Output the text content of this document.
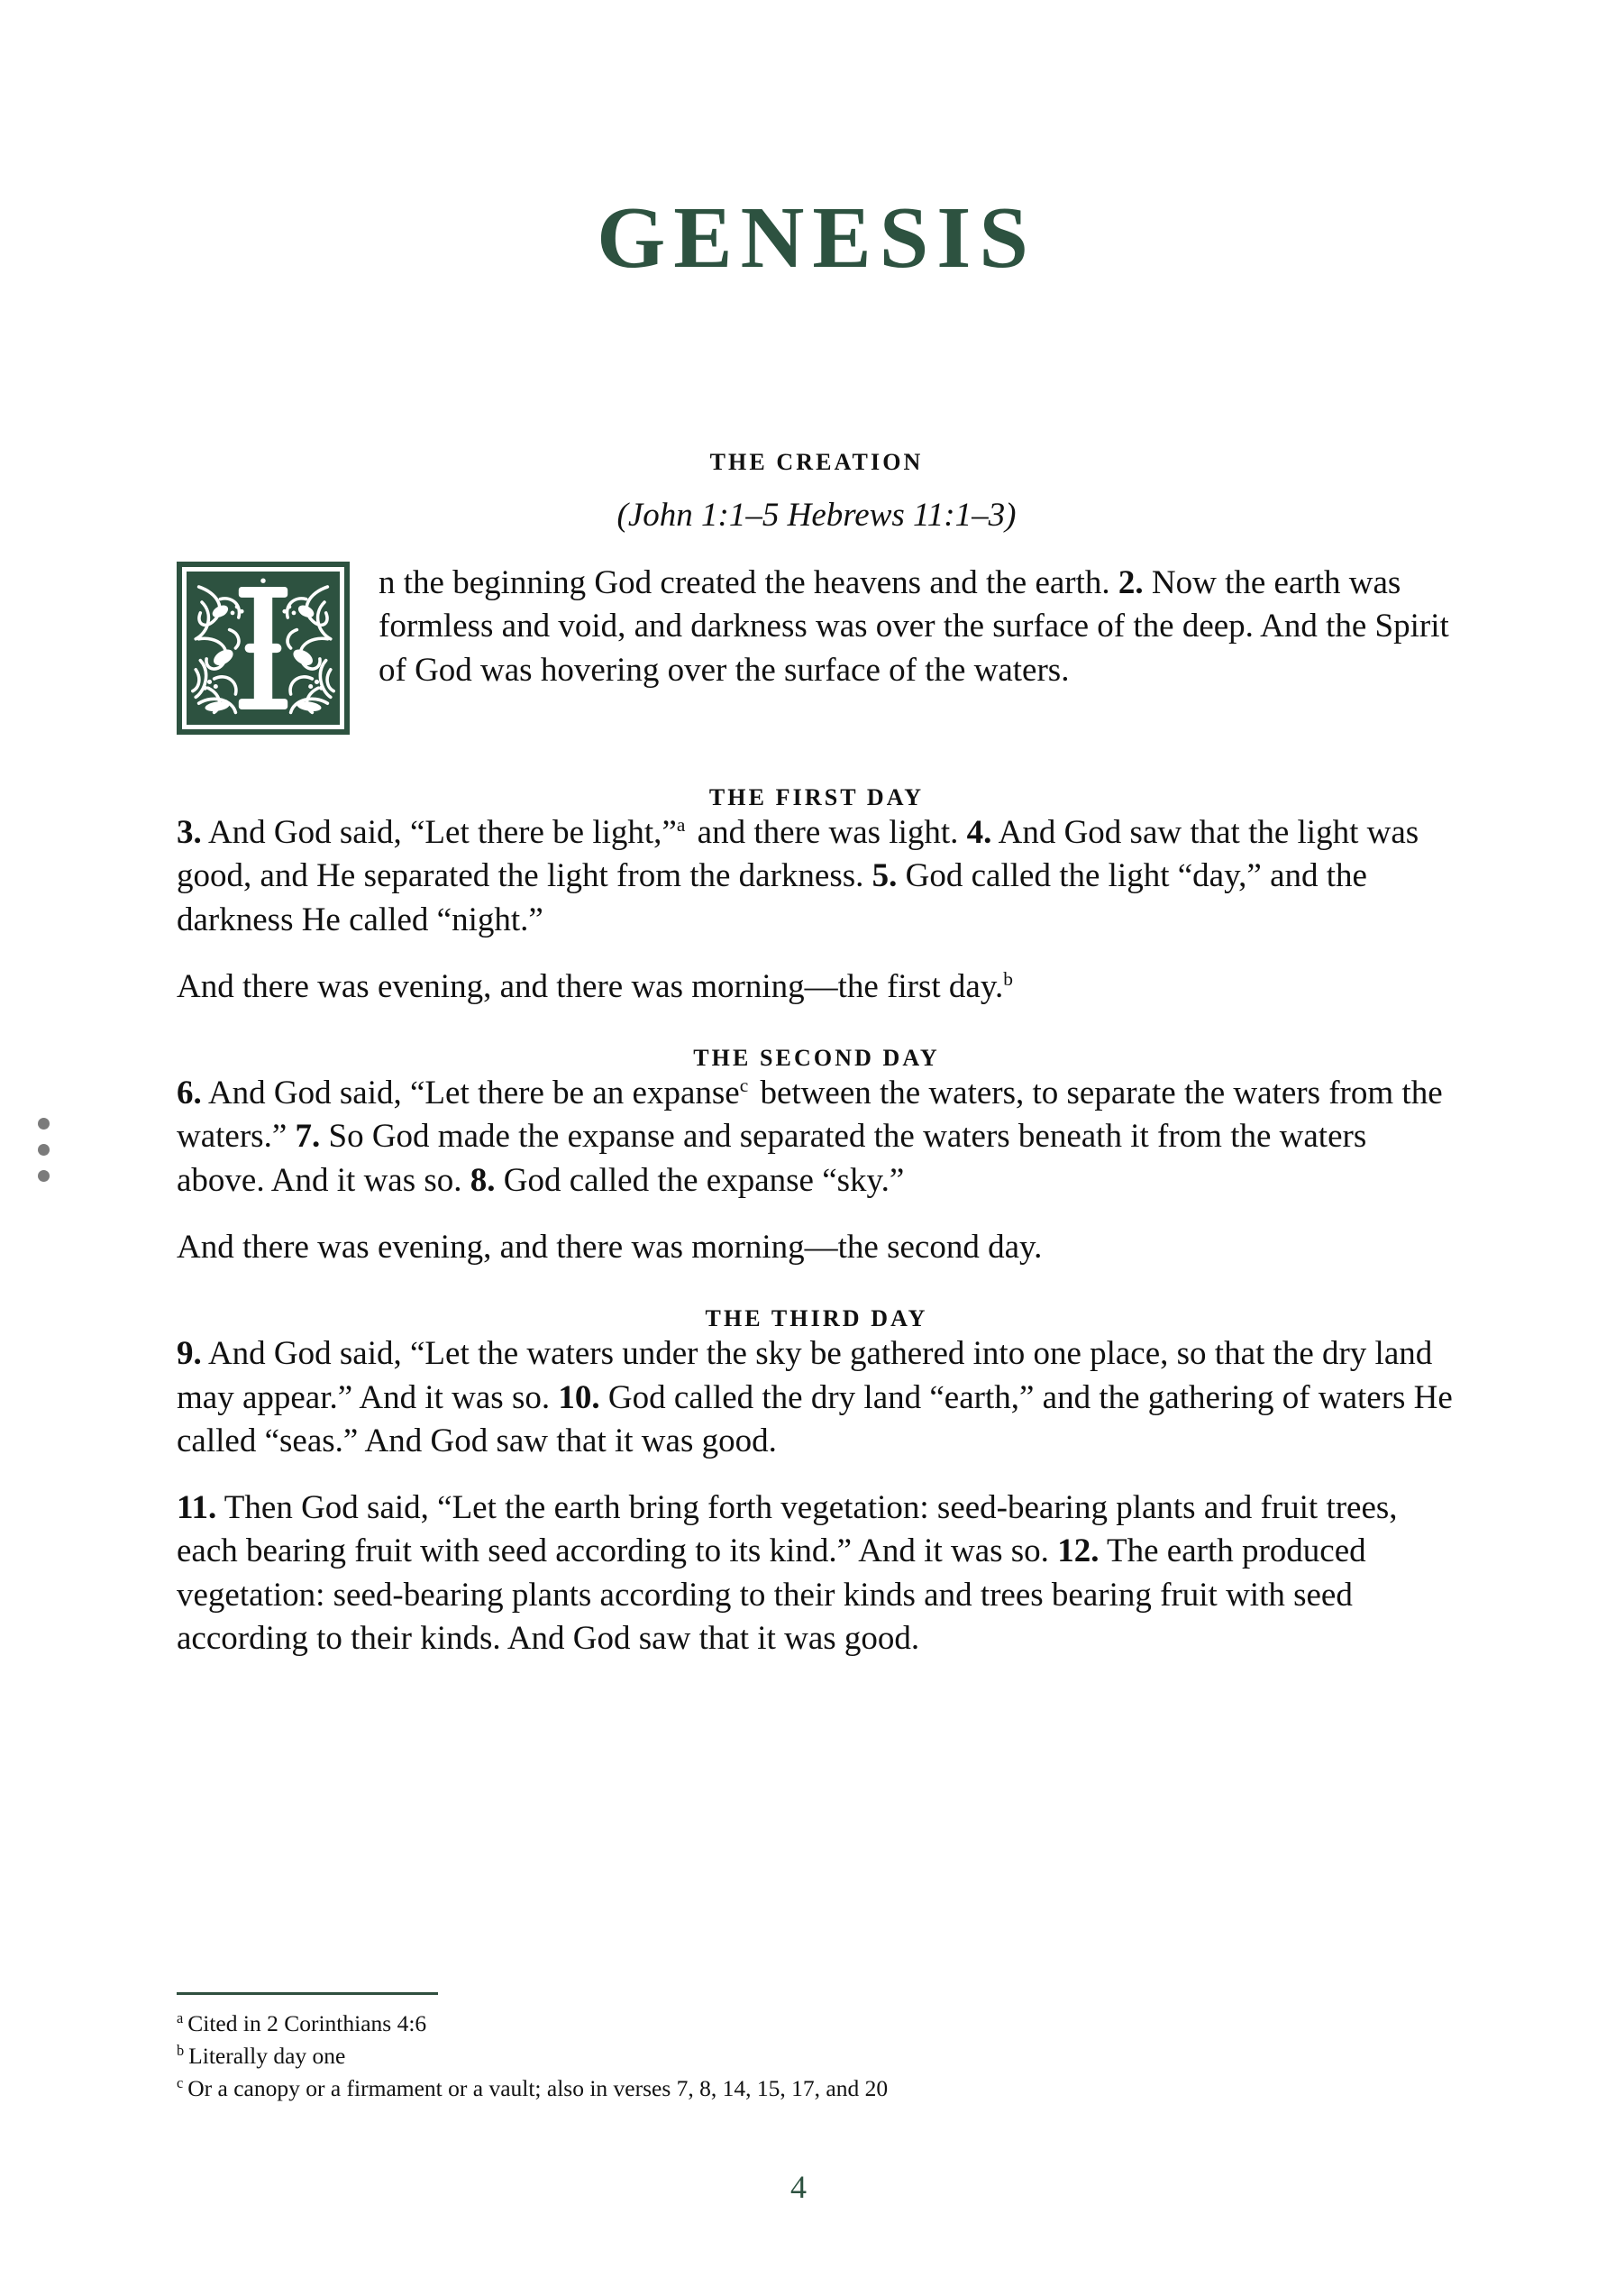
GENESIS
THE CREATION

(John 1:1–5 Hebrews 11:1–3)

n the beginning God created the heavens and the earth. 2. Now the earth was formless and void, and darkness was over the surface of the deep. And the Spirit of God was hovering over the surface of the waters.
THE FIRST DAY

3. And God said, “Let there be light,”$^a$ and there was light. 4. And God saw that the light was good, and He separated the light from the darkness. 5. God called the light “day,” and the darkness He called “night.”

And there was evening, and there was morning—the first day.$^b$

THE SECOND DAY

6. And God said, “Let there be an expanse$^c$ between the waters, to separate the waters from the waters.” 7. So God made the expanse and separated the waters beneath it from the waters above. And it was so. 8. God called the expanse “sky.”

And there was evening, and there was morning—the second day.

THE THIRD DAY

9. And God said, “Let the waters under the sky be gathered into one place, so that the dry land may appear.” And it was so. 10. God called the dry land “earth,” and the gathering of waters He called “seas.” And God saw that it was good.

11. Then God said, “Let the earth bring forth vegetation: seed-bearing plants and fruit trees, each bearing fruit with seed according to its kind.” And it was so. 12. The earth produced vegetation: seed-bearing plants according to their kinds and trees bearing fruit with seed according to their kinds. And God saw that it was good.

$^a$ Cited in 2 Corinthians 4:6

$^b$ Literally day one

$^c$ Or a canopy or a firmament or a vault; also in verses 7, 8, 14, 15, 17, and 20

4
